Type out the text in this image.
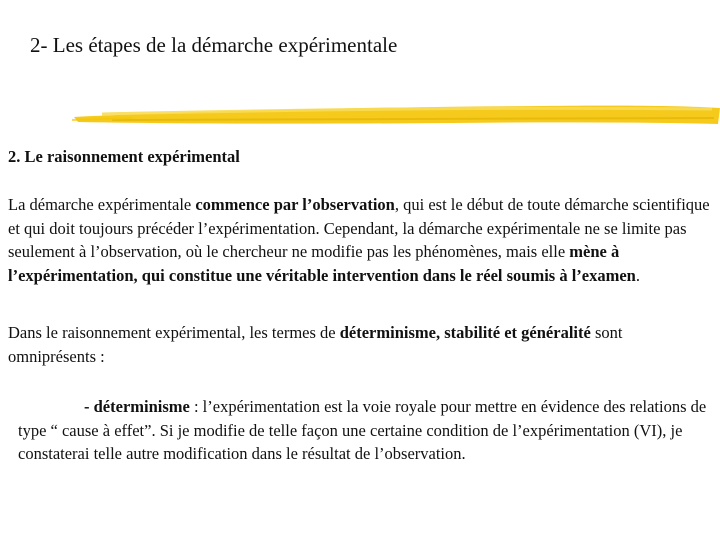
2- Les étapes de la démarche expérimentale
2. Le raisonnement expérimental

La démarche expérimentale commence par l’observation, qui est le début de toute démarche scientifique et qui doit toujours précéder l’expérimentation. Cependant, la démarche expérimentale ne se limite pas seulement à l’observation, où le chercheur ne modifie pas les phénomènes, mais elle mène à l’expérimentation, qui constitue une véritable intervention dans le réel soumis à l’examen.

Dans le raisonnement expérimental, les termes de déterminisme, stabilité et généralité sont omniprésents :

- déterminisme : l’expérimentation est la voie royale pour mettre en évidence des relations de type “ cause à effet”. Si je modifie de telle façon une certaine condition de l’expérimentation (VI), je constaterai telle autre modification dans le résultat de l’observation.
